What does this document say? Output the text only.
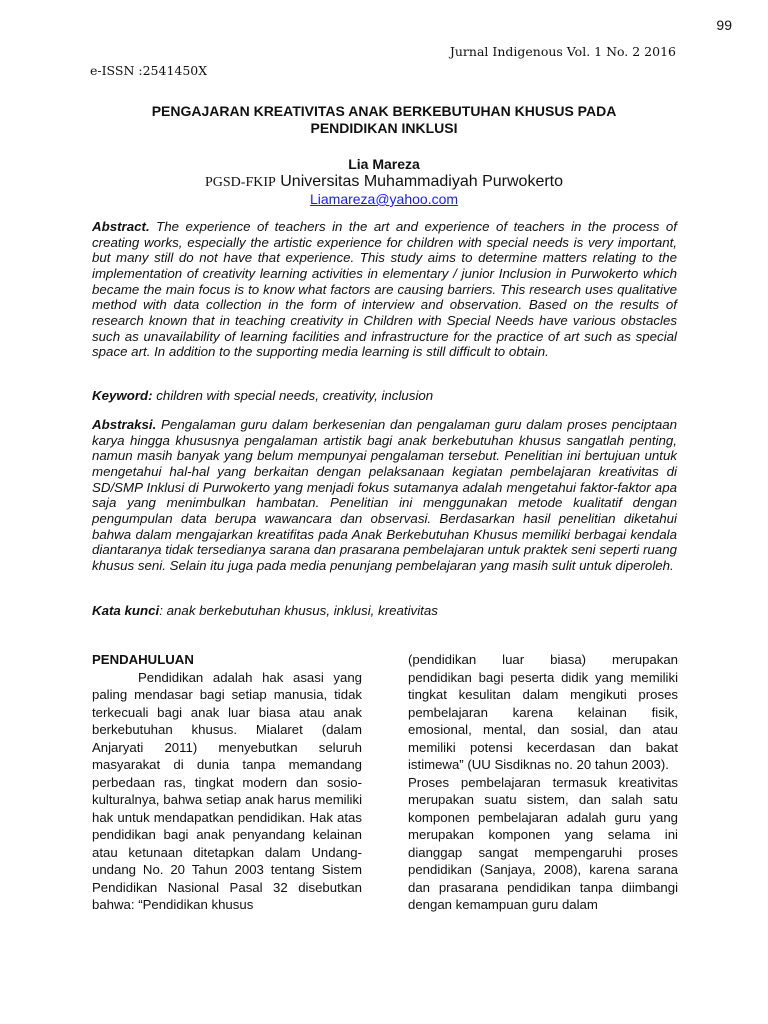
99
Jurnal Indigenous Vol. 1 No. 2 2016
e-ISSN :2541450X
PENGAJARAN KREATIVITAS ANAK BERKEBUTUHAN KHUSUS PADA
PENDIDIKAN INKLUSI
Lia Mareza
PGSD-FKIP Universitas Muhammadiyah Purwokerto
Liamareza@yahoo.com

Abstract. The experience of teachers in the art and experience of teachers in the process of creating works, especially the artistic experience for children with special needs is very important, but many still do not have that experience. This study aims to determine matters relating to the implementation of creativity learning activities in elementary / junior Inclusion in Purwokerto which became the main focus is to know what factors are causing barriers. This research uses qualitative method with data collection in the form of interview and observation. Based on the results of research known that in teaching creativity in Children with Special Needs have various obstacles such as unavailability of learning facilities and infrastructure for the practice of art such as special space art. In addition to the supporting media learning is still difficult to obtain.

Keyword: children with special needs, creativity, inclusion

Abstraksi. Pengalaman guru dalam berkesenian dan pengalaman guru dalam proses penciptaan karya hingga khususnya pengalaman artistik bagi anak berkebutuhan khusus sangatlah penting, namun masih banyak yang belum mempunyai pengalaman tersebut. Penelitian ini bertujuan untuk mengetahui hal-hal yang berkaitan dengan pelaksanaan kegiatan pembelajaran kreativitas di SD/SMP Inklusi di Purwokerto yang menjadi fokus sutamanya adalah mengetahui faktor-faktor apa saja yang menimbulkan hambatan. Penelitian ini menggunakan metode kualitatif dengan pengumpulan data berupa wawancara dan observasi. Berdasarkan hasil penelitian diketahui bahwa dalam mengajarkan kreatifitas pada Anak Berkebutuhan Khusus memiliki berbagai kendala diantaranya tidak tersedianya sarana dan prasarana pembelajaran untuk praktek seni seperti ruang khusus seni. Selain itu juga pada media penunjang pembelajaran yang masih sulit untuk diperoleh.

Kata kunci: anak berkebutuhan khusus, inklusi, kreativitas

PENDAHULUAN

Pendidikan adalah hak asasi yang paling mendasar bagi setiap manusia, tidak terkecuali bagi anak luar biasa atau anak berkebutuhan khusus. Mialaret (dalam Anjaryati 2011) menyebutkan seluruh masyarakat di dunia tanpa memandang perbedaan ras, tingkat modern dan sosio-kulturalnya, bahwa setiap anak harus memiliki hak untuk mendapatkan pendidikan. Hak atas pendidikan bagi anak penyandang kelainan atau ketunaan ditetapkan dalam Undang-undang No. 20 Tahun 2003 tentang Sistem Pendidikan Nasional Pasal 32 disebutkan bahwa: “Pendidikan khusus

(pendidikan luar biasa) merupakan pendidikan bagi peserta didik yang memiliki tingkat kesulitan dalam mengikuti proses pembelajaran karena kelainan fisik, emosional, mental, dan sosial, dan atau memiliki potensi kecerdasan dan bakat istimewa” (UU Sisdiknas no. 20 tahun 2003).

Proses pembelajaran termasuk kreativitas merupakan suatu sistem, dan salah satu komponen pembelajaran adalah guru yang merupakan komponen yang selama ini dianggap sangat mempengaruhi proses pendidikan (Sanjaya, 2008), karena sarana dan prasarana pendidikan tanpa diimbangi dengan kemampuan guru dalam
